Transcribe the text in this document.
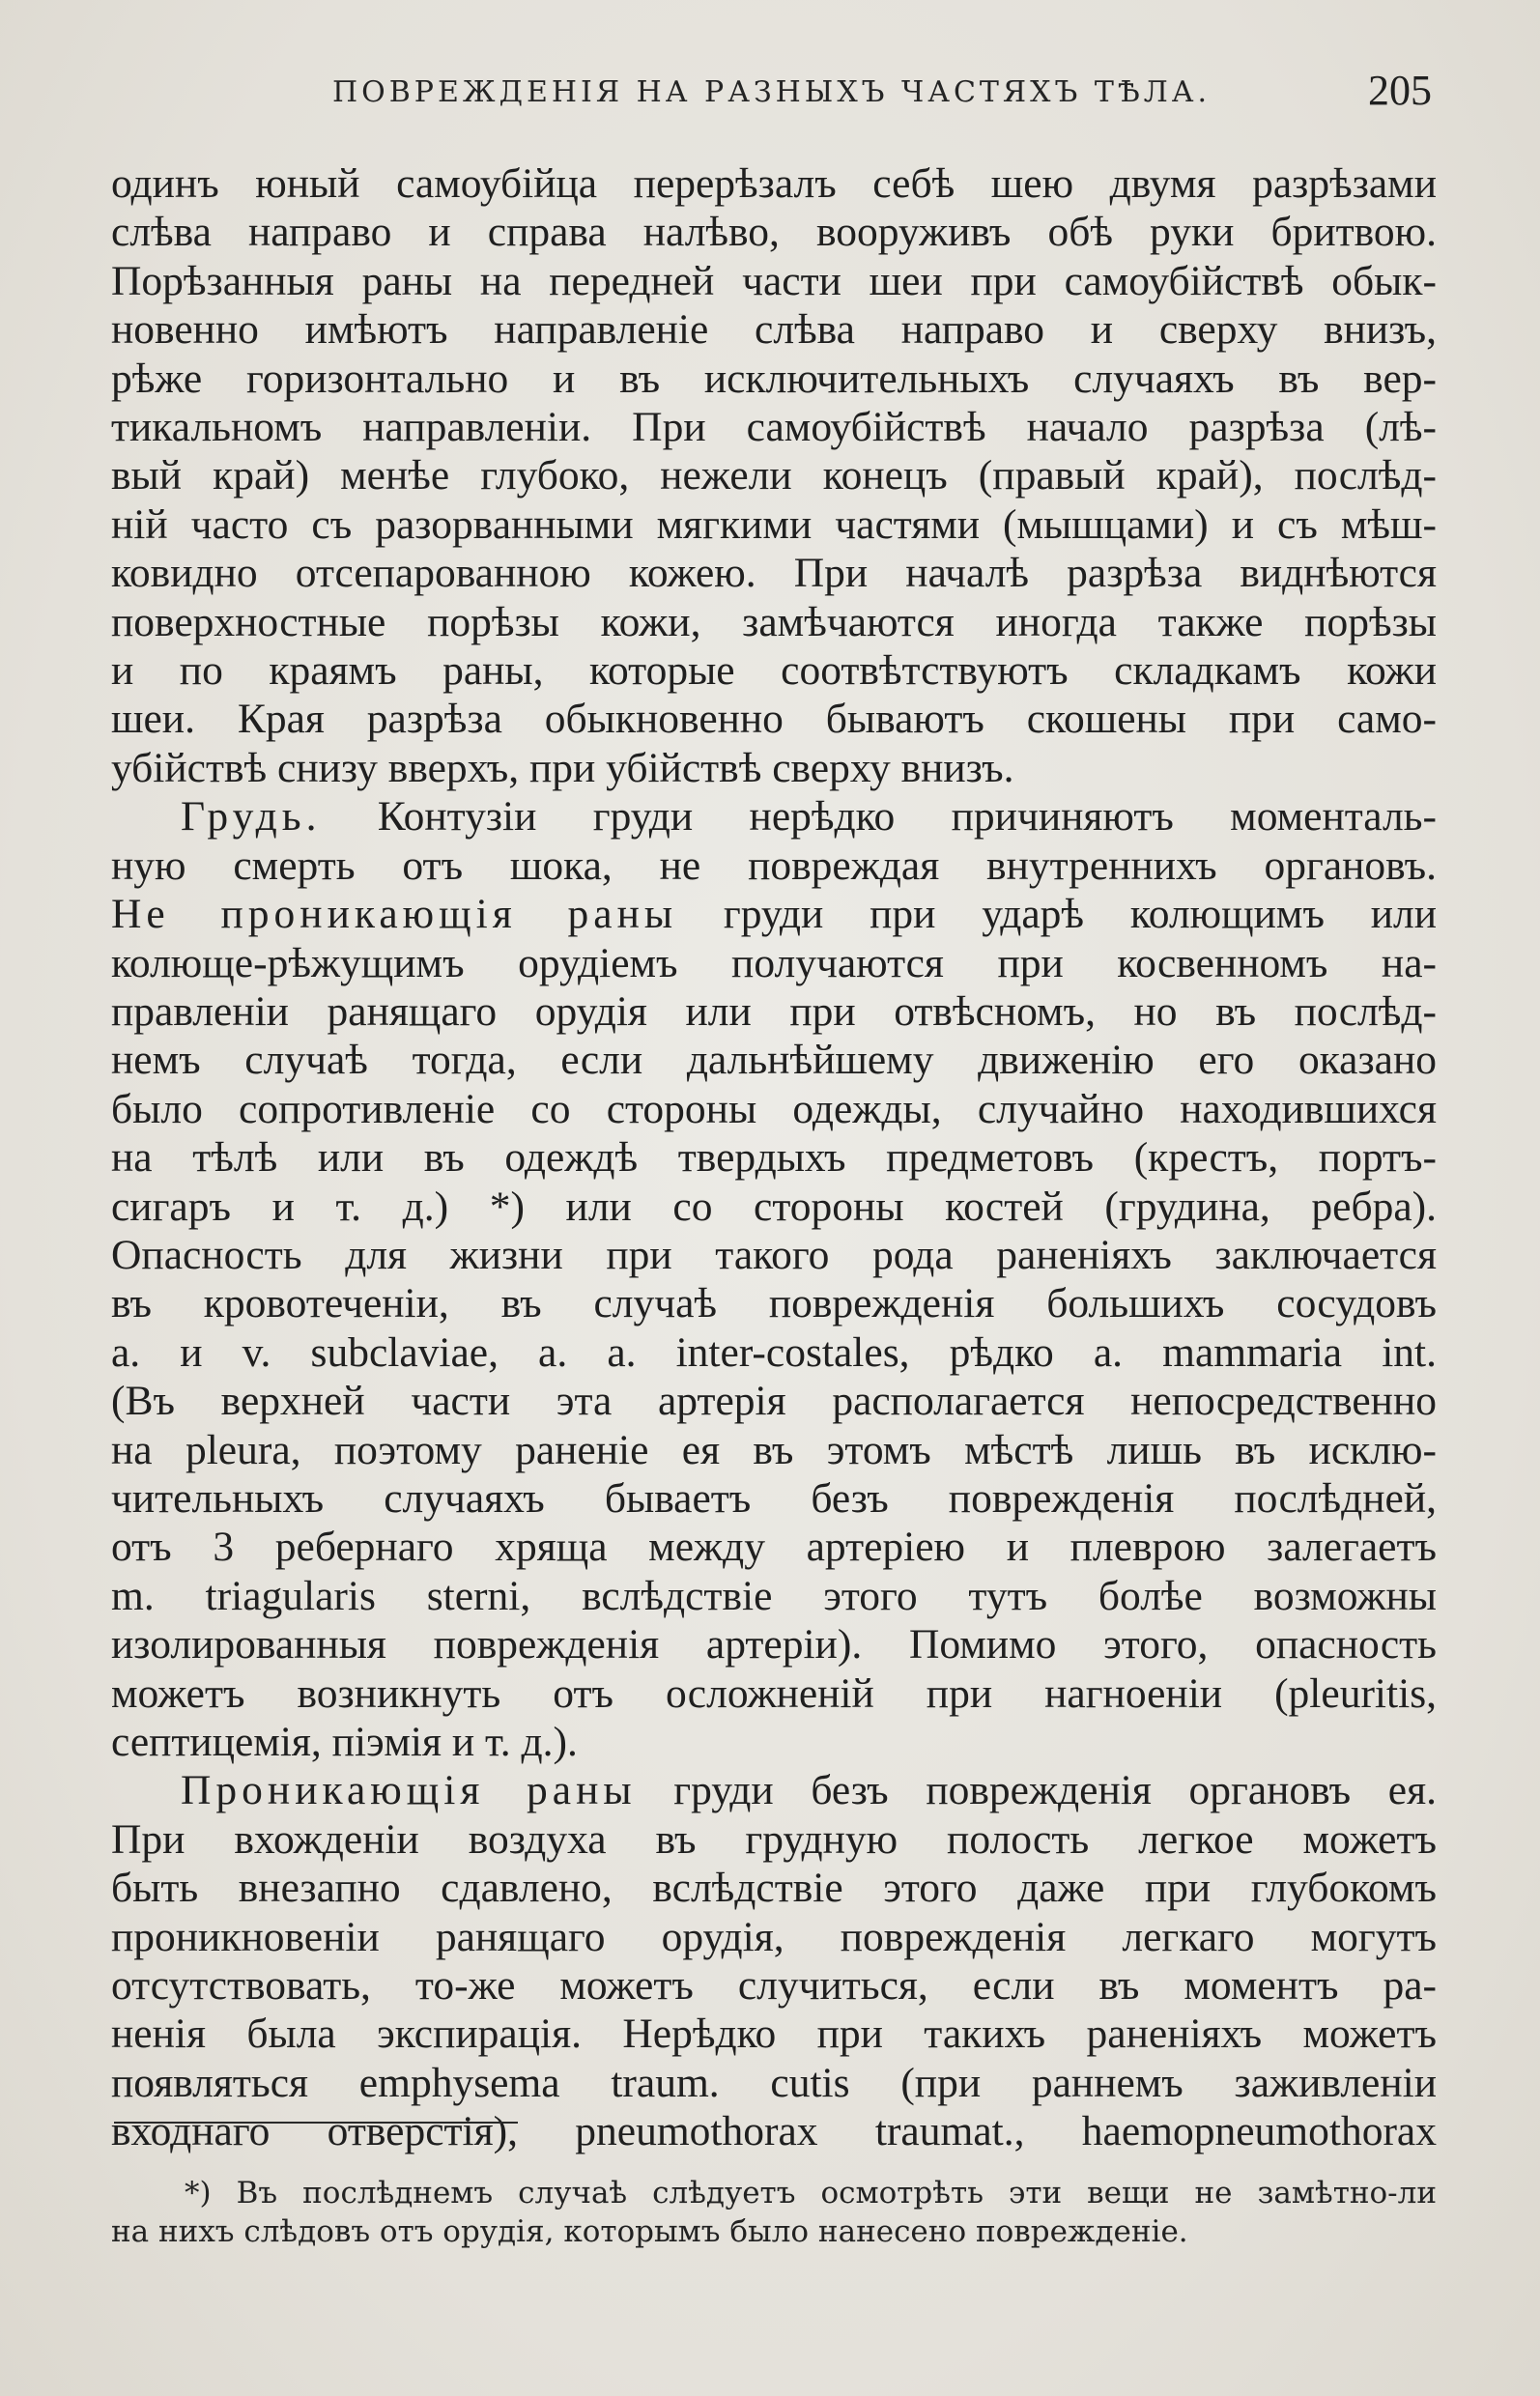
ПОВРЕЖДЕНІЯ НА РАЗНЫХЪ ЧАСТЯХЪ ТѢЛА.	205

одинъ юный самоубійца перерѣзалъ себѣ шею двумя разрѣзами

слѣва направо и справа налѣво, вооруживъ обѣ руки бритвою.

Порѣзанныя раны на передней части шеи при самоубійствѣ обык-

новенно имѣютъ направленіе слѣва направо и сверху внизъ,

рѣже горизонтально и въ исключительныхъ случаяхъ въ вер-

тикальномъ направленіи. При самоубійствѣ начало разрѣза (лѣ-

вый край) менѣе глубоко, нежели конецъ (правый край), послѣд-

ній часто съ разорванными мягкими частями (мышцами) и съ мѣш-

ковидно отсепарованною кожею. При началѣ разрѣза виднѣются

поверхностные порѣзы кожи, замѣчаются иногда также порѣзы

и по краямъ раны, которые соотвѣтствуютъ складкамъ кожи

шеи. Края разрѣза обыкновенно бываютъ скошены при само-

убійствѣ снизу вверхъ, при убійствѣ сверху внизъ.

Грудь. Контузіи груди нерѣдко причиняютъ моменталь-

ную смерть отъ шока, не повреждая внутреннихъ органовъ.

Не проникающія раны груди при ударѣ колющимъ или

колюще-рѣжущимъ орудіемъ получаются при косвенномъ на-

правленіи ранящаго орудія или при отвѣсномъ, но въ послѣд-

немъ случаѣ тогда, если дальнѣйшему движенію его оказано

было сопротивленіе со стороны одежды, случайно находившихся

на тѣлѣ или въ одеждѣ твердыхъ предметовъ (крестъ, портъ-

сигаръ и т. д.) *) или со стороны костей (грудина, ребра).

Опасность для жизни при такого рода раненіяхъ заключается

въ кровотеченіи, въ случаѣ поврежденія большихъ сосудовъ

a. и v. subclaviae, a. a. inter-costales, рѣдко a. mammaria int.

(Въ верхней части эта артерія располагается непосредственно

на pleura, поэтому раненіе ея въ этомъ мѣстѣ лишь въ исклю-

чительныхъ случаяхъ бываетъ безъ поврежденія послѣдней,

отъ 3 ребернаго хряща между артеріею и плеврою залегаетъ

m. triagularis sterni, вслѣдствіе этого тутъ болѣе возможны

изолированныя поврежденія артеріи). Помимо этого, опасность

можетъ возникнуть отъ осложненій при нагноеніи (pleuritis,

септицемія, піэмія и т. д.).

Проникающія раны груди безъ поврежденія органовъ ея.

При вхожденіи воздуха въ грудную полость легкое можетъ

быть внезапно сдавлено, вслѣдствіе этого даже при глубокомъ

проникновеніи ранящаго орудія, поврежденія легкаго могутъ

отсутствовать, то-же можетъ случиться, если въ моментъ ра-

ненія была экспирація. Нерѣдко при такихъ раненіяхъ можетъ

появляться emphysema traum. cutis (при раннемъ заживленіи

входнаго отверстія), pneumothorax traumat., haemopneumothorax

*) Въ послѣднемъ случаѣ слѣдуетъ осмотрѣть эти вещи не замѣтно-ли

на нихъ слѣдовъ отъ орудія, которымъ было нанесено поврежденіе.
